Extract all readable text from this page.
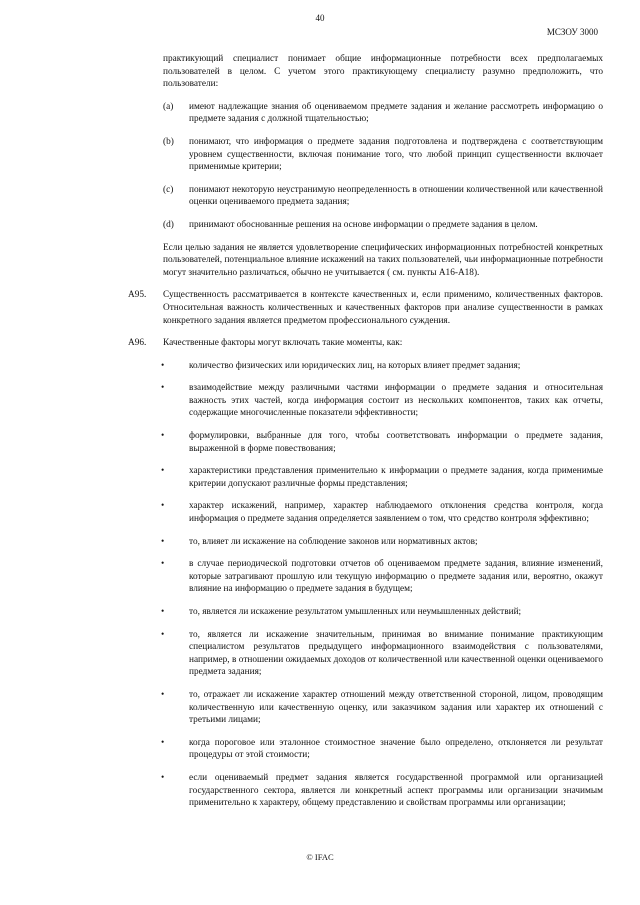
40
МСЗОУ 3000
практикующий специалист понимает общие информационные потребности всех предполагаемых пользователей в целом. С учетом этого практикующему специалисту разумно предположить, что пользователи:
(a) имеют надлежащие знания об оцениваемом предмете задания и желание рассмотреть информацию о предмете задания с должной тщательностью;
(b) понимают, что информация о предмете задания подготовлена и подтверждена с соответствующим уровнем существенности, включая понимание того, что любой принцип существенности включает применимые критерии;
(c) понимают некоторую неустранимую неопределенность в отношении количественной или качественной оценки оцениваемого предмета задания;
(d) принимают обоснованные решения на основе информации о предмете задания в целом.
Если целью задания не является удовлетворение специфических информационных потребностей конкретных пользователей, потенциальное влияние искажений на таких пользователей, чьи информационные потребности могут значительно различаться, обычно не учитывается ( см. пункты А16-А18).
А95. Существенность рассматривается в контексте качественных и, если применимо, количественных факторов. Относительная важность количественных и качественных факторов при анализе существенности в рамках конкретного задания является предметом профессионального суждения.
А96. Качественные факторы могут включать такие моменты, как:
•	количество физических или юридических лиц, на которых влияет предмет задания;
•	взаимодействие между различными частями информации о предмете задания и относительная важность этих частей, когда информация состоит из нескольких компонентов, таких как отчеты, содержащие многочисленные показатели эффективности;
•	формулировки, выбранные для того, чтобы соответствовать информации о предмете задания, выраженной в форме повествования;
•	характеристики представления применительно к информации о предмете задания, когда применимые критерии допускают различные формы представления;
•	характер искажений, например, характер наблюдаемого отклонения средства контроля, когда информация о предмете задания определяется заявлением о том, что средство контроля эффективно;
•	то, влияет ли искажение на соблюдение законов или нормативных актов;
•	в случае периодической подготовки отчетов об оцениваемом предмете задания, влияние изменений, которые затрагивают прошлую или текущую информацию о предмете задания или, вероятно, окажут влияние на информацию о предмете задания в будущем;
•	то, является ли искажение результатом умышленных или неумышленных действий;
•	то, является ли искажение значительным, принимая во внимание понимание практикующим специалистом результатов предыдущего информационного взаимодействия с пользователями, например, в отношении ожидаемых доходов от количественной или качественной оценки оцениваемого предмета задания;
•	то, отражает ли искажение характер отношений между ответственной стороной, лицом, проводящим количественную или качественную оценку, или заказчиком задания или характер их отношений с третьими лицами;
•	когда пороговое или эталонное стоимостное значение было определено, отклоняется ли результат процедуры от этой стоимости;
•	если оцениваемый предмет задания является государственной программой или организацией государственного сектора, является ли конкретный аспект программы или организации значимым применительно к характеру, общему представлению и свойствам программы или организации;
© IFAC
